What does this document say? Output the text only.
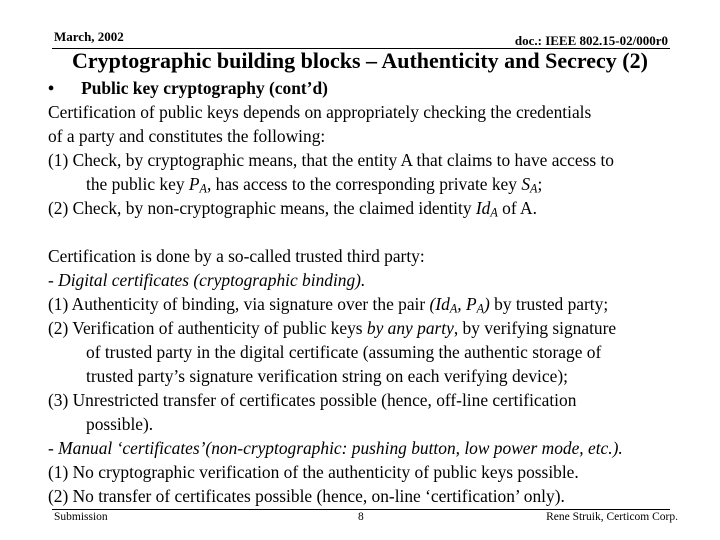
March, 2002	doc.: IEEE 802.15-02/000r0
Cryptographic building blocks – Authenticity and Secrecy (2)
• Public key cryptography (cont’d)
Certification of public keys depends on appropriately checking the credentials
of a party and constitutes the following:
(1) Check, by cryptographic means, that the entity A that claims to have access to
the public key $P_A$, has access to the corresponding private key $S_A$;
(2) Check, by non-cryptographic means, the claimed identity $Id_A$ of A.
Certification is done by a so-called trusted third party:
- Digital certificates (cryptographic binding).
(1) Authenticity of binding, via signature over the pair ($Id_A$, $P_A$) by trusted party;
(2) Verification of authenticity of public keys by any party, by verifying signature
of trusted party in the digital certificate (assuming the authentic storage of
trusted party’s signature verification string on each verifying device);
(3) Unrestricted transfer of certificates possible (hence, off-line certification
possible).
- Manual ‘certificates’(non-cryptographic: pushing button, low power mode, etc.).
(1) No cryptographic verification of the authenticity of public keys possible.
(2) No transfer of certificates possible (hence, on-line ‘certification’ only).
Submission	8	Rene Struik, Certicom Corp.
